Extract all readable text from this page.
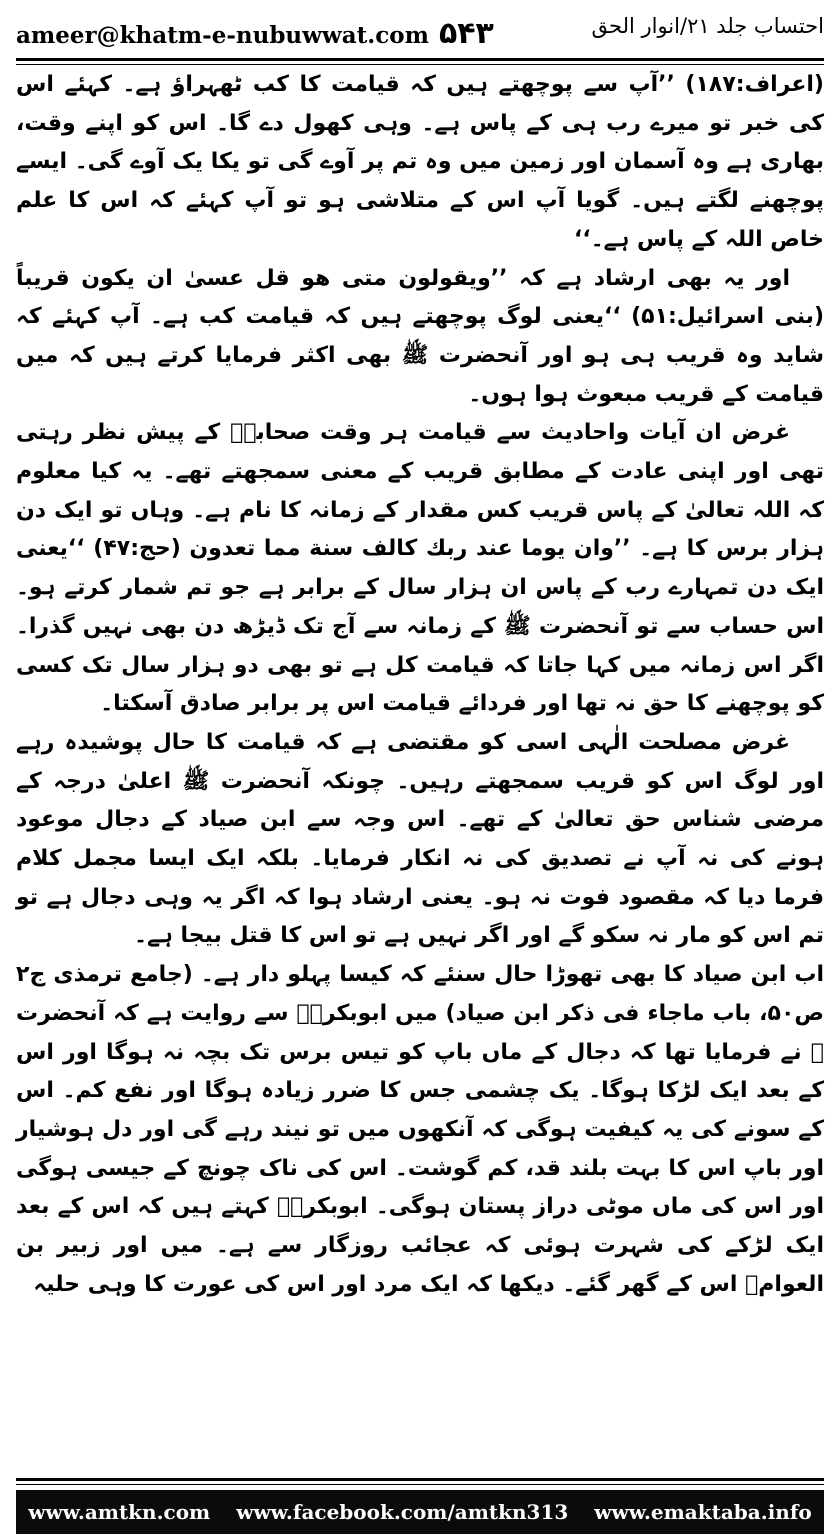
ameer@khatm-e-nubuwwat.com ۵۴۳	احتساب جلد ۲۱/انوار الحق

(اعراف:۱۸۷) ’’آپ سے پوچھتے ہیں کہ قیامت کا کب ٹھہراؤ ہے۔ کہئے اس کی خبر تو میرے رب ہی کے پاس ہے۔ وہی کھول دے گا۔ اس کو اپنے وقت، بھاری ہے وہ آسمان اور زمین میں وہ تم پر آوے گی تو یکا یک آوے گی۔ ایسے پوچھنے لگتے ہیں۔ گویا آپ اس کے متلاشی ہو تو آپ کہئے کہ اس کا علم خاص اللہ کے پاس ہے۔‘‘

اور یہ بھی ارشاد ہے کہ ’’ویقولون متی ھو قل عسیٰ ان یکون قریباً (بنی اسرائیل:۵۱) ‘‘یعنی لوگ پوچھتے ہیں کہ قیامت کب ہے۔ آپ کہئے کہ شاید وہ قریب ہی ہو اور آنحضرت ﷺ بھی اکثر فرمایا کرتے ہیں کہ میں قیامت کے قریب مبعوث ہوا ہوں۔

غرض ان آیات واحادیث سے قیامت ہر وقت صحابہؓ کے پیش نظر رہتی تھی اور اپنی عادت کے مطابق قریب کے معنی سمجھتے تھے۔ یہ کیا معلوم کہ اللہ تعالیٰ کے پاس قریب کس مقدار کے زمانہ کا نام ہے۔ وہاں تو ایک دن ہزار برس کا ہے۔ ’’وان یوما عند ربك كالف سنة مما تعدون (حج:۴۷) ‘‘یعنی ایک دن تمہارے رب کے پاس ان ہزار سال کے برابر ہے جو تم شمار کرتے ہو۔ اس حساب سے تو آنحضرت ﷺ کے زمانہ سے آج تک ڈیڑھ دن بھی نہیں گذرا۔ اگر اس زمانہ میں کہا جاتا کہ قیامت کل ہے تو بھی دو ہزار سال تک کسی کو پوچھنے کا حق نہ تھا اور فردائے قیامت اس پر برابر صادق آسکتا۔

غرض مصلحت الٰہی اسی کو مقتضی ہے کہ قیامت کا حال پوشیدہ رہے اور لوگ اس کو قریب سمجھتے رہیں۔ چونکہ آنحضرت ﷺ اعلیٰ درجہ کے مرضی شناس حق تعالیٰ کے تھے۔ اس وجہ سے ابن صیاد کے دجال موعود ہونے کی نہ آپ نے تصدیق کی نہ انکار فرمایا۔ بلکہ ایک ایسا مجمل کلام فرما دیا کہ مقصود فوت نہ ہو۔ یعنی ارشاد ہوا کہ اگر یہ وہی دجال ہے تو تم اس کو مار نہ سکو گے اور اگر نہیں ہے تو اس کا قتل بیجا ہے۔

اب ابن صیاد کا بھی تھوڑا حال سنئے کہ کیسا پہلو دار ہے۔ (جامع ترمذی ج۲ ص۵۰، باب ماجاء فی ذکر ابن صیاد) میں ابوبکرہؓ سے روایت ہے کہ آنحضرت ﷺ نے فرمایا تھا کہ دجال کے ماں باپ کو تیس برس تک بچہ نہ ہوگا اور اس کے بعد ایک لڑکا ہوگا۔ یک چشمی جس کا ضرر زیادہ ہوگا اور نفع کم۔ اس کے سونے کی یہ کیفیت ہوگی کہ آنکھوں میں تو نیند رہے گی اور دل ہوشیار اور باپ اس کا بہت بلند قد، کم گوشت۔ اس کی ناک چونچ کے جیسی ہوگی اور اس کی ماں موٹی دراز پستان ہوگی۔ ابوبکرہؓ کہتے ہیں کہ اس کے بعد ایک لڑکے کی شہرت ہوئی کہ عجائب روزگار سے ہے۔ میں اور زبیر بن العوامؓ اس کے گھر گئے۔ دیکھا کہ ایک مرد اور اس کی عورت کا وہی حلیہ

www.amtkn.com www.facebook.com/amtkn313 www.emaktaba.info
